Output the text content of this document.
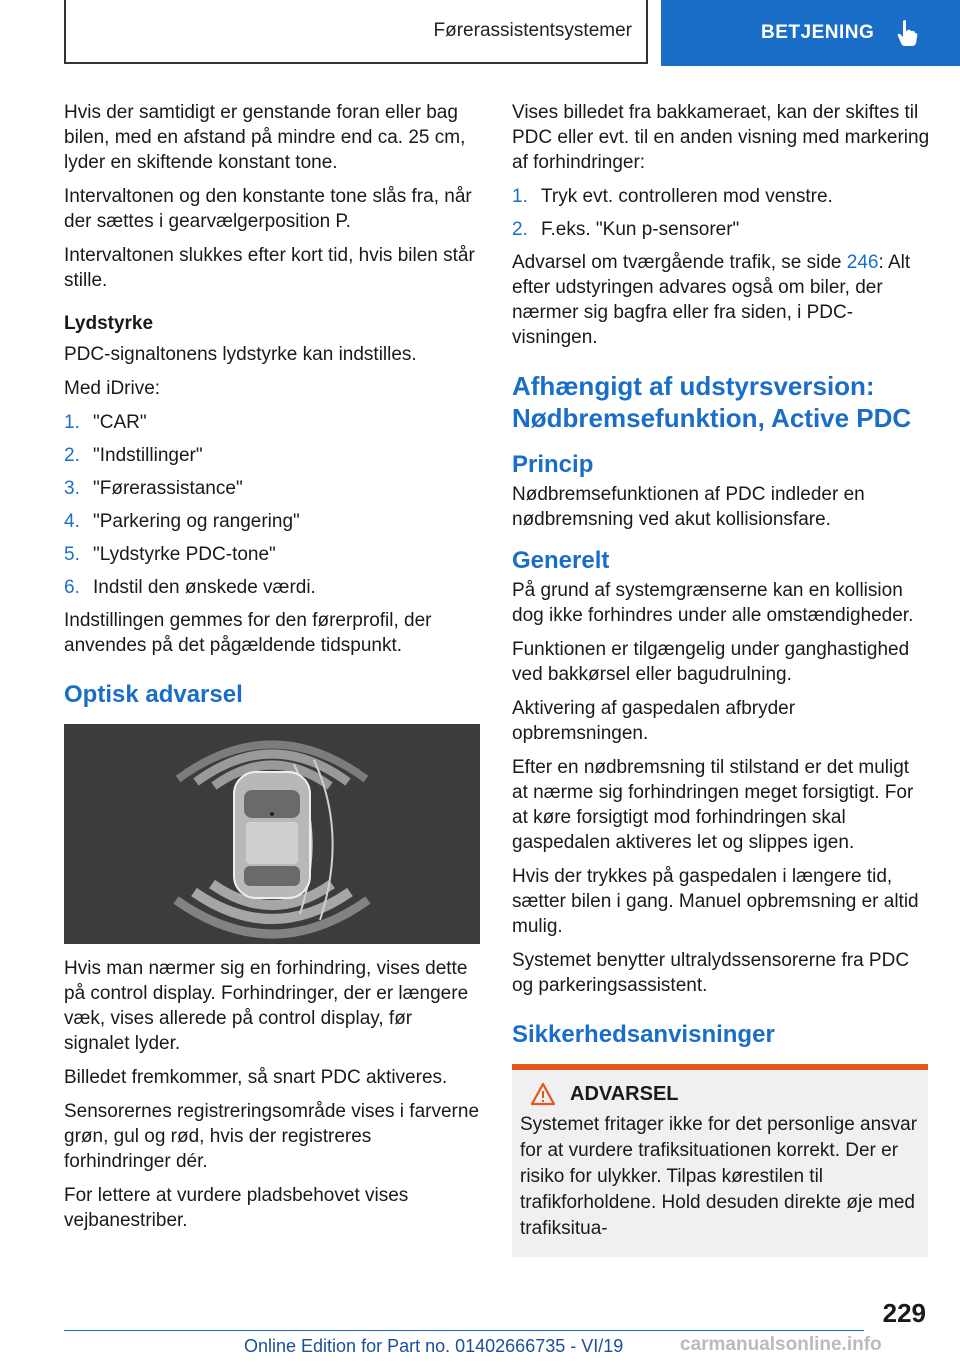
Førerassistentsystemer	BETJENING

Hvis der samtidigt er genstande foran eller bag bilen, med en afstand på mindre end ca. 25 cm, lyder en skiftende konstant tone.

Intervaltonen og den konstante tone slås fra, når der sættes i gearvælgerposition P.

Intervaltonen slukkes efter kort tid, hvis bilen står stille.

Lydstyrke

PDC-signaltonens lydstyrke kan indstilles.

Med iDrive:

1. "CAR"
2. "Indstillinger"
3. "Førerassistance"
4. "Parkering og rangering"
5. "Lydstyrke PDC-tone"
6. Indstil den ønskede værdi.

Indstillingen gemmes for den førerprofil, der anvendes på det pågældende tidspunkt.

Optisk advarsel

Hvis man nærmer sig en forhindring, vises dette på control display. Forhindringer, der er længere væk, vises allerede på control display, før signalet lyder.

Billedet fremkommer, så snart PDC aktiveres.

Sensorernes registreringsområde vises i farverne grøn, gul og rød, hvis der registreres forhindringer dér.

For lettere at vurdere pladsbehovet vises vejbanestriber.

Vises billedet fra bakkameraet, kan der skiftes til PDC eller evt. til en anden visning med markering af forhindringer:

1. Tryk evt. controlleren mod venstre.
2. F.eks. "Kun p-sensorer"

Advarsel om tværgående trafik, se side 246: Alt efter udstyringen advares også om biler, der nærmer sig bagfra eller fra siden, i PDC-visningen.

Afhængigt af udstyrsversion: Nødbremsefunktion, Active PDC
Princip

Nødbremsefunktionen af PDC indleder en nødbremsning ved akut kollisionsfare.

Generelt

På grund af systemgrænserne kan en kollision dog ikke forhindres under alle omstændigheder.

Funktionen er tilgængelig under ganghastighed ved bakkørsel eller bagudrulning.

Aktivering af gaspedalen afbryder opbremsningen.

Efter en nødbremsning til stilstand er det muligt at nærme sig forhindringen meget forsigtigt. For at køre forsigtigt mod forhindringen skal gaspedalen aktiveres let og slippes igen.

Hvis der trykkes på gaspedalen i længere tid, sætter bilen i gang. Manuel opbremsning er altid mulig.

Systemet benytter ultralydssensorerne fra PDC og parkeringsassistent.

Sikkerhedsanvisninger
ADVARSEL

Systemet fritager ikke for det personlige ansvar for at vurdere trafiksituationen korrekt. Der er risiko for ulykker. Tilpas kørestilen til trafikforholdene. Hold desuden direkte øje med trafiksitua-

229
Online Edition for Part no. 01402666735 - VI/19	carmanualsonline.info
